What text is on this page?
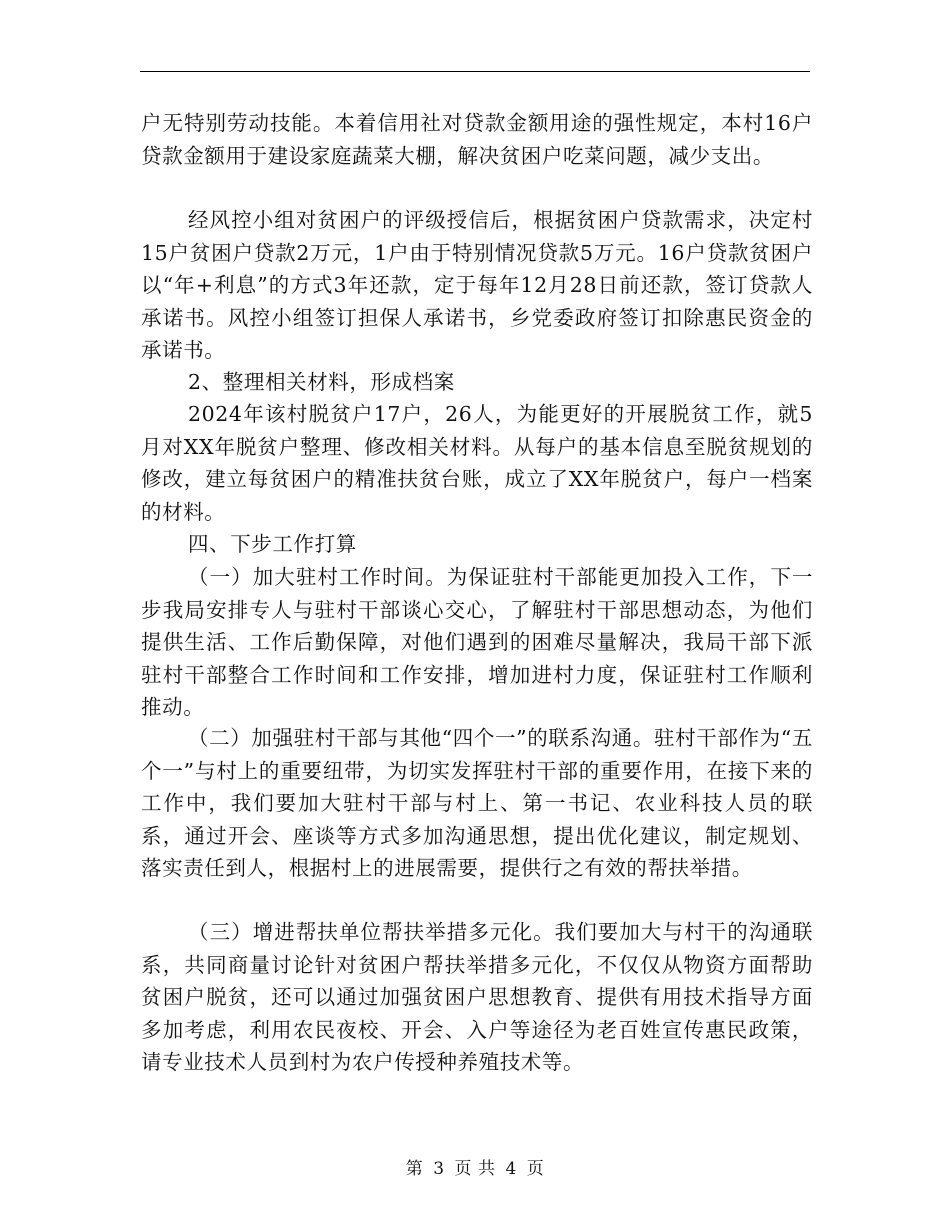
户无特别劳动技能。本着信用社对贷款金额用途的强性规定，本村16户贷款金额用于建设家庭蔬菜大棚，解决贫困户吃菜问题，减少支出。

经风控小组对贫困户的评级授信后，根据贫困户贷款需求，决定村15户贫困户贷款2万元，1户由于特别情况贷款5万元。16户贷款贫困户以“年+利息”的方式3年还款，定于每年12月28日前还款，签订贷款人承诺书。风控小组签订担保人承诺书，乡党委政府签订扣除惠民资金的承诺书。

2、整理相关材料，形成档案

2024年该村脱贫户17户，26人，为能更好的开展脱贫工作，就5月对XX年脱贫户整理、修改相关材料。从每户的基本信息至脱贫规划的修改，建立每贫困户的精准扶贫台账，成立了XX年脱贫户，每户一档案的材料。

四、下步工作打算

（一）加大驻村工作时间。为保证驻村干部能更加投入工作，下一步我局安排专人与驻村干部谈心交心，了解驻村干部思想动态，为他们提供生活、工作后勤保障，对他们遇到的困难尽量解决，我局干部下派驻村干部整合工作时间和工作安排，增加进村力度，保证驻村工作顺利推动。

（二）加强驻村干部与其他“四个一”的联系沟通。驻村干部作为“五个一”与村上的重要纽带，为切实发挥驻村干部的重要作用，在接下来的工作中，我们要加大驻村干部与村上、第一书记、农业科技人员的联系，通过开会、座谈等方式多加沟通思想，提出优化建议，制定规划、落实责任到人，根据村上的进展需要，提供行之有效的帮扶举措。

（三）增进帮扶单位帮扶举措多元化。我们要加大与村干的沟通联系，共同商量讨论针对贫困户帮扶举措多元化，不仅仅从物资方面帮助贫困户脱贫，还可以通过加强贫困户思想教育、提供有用技术指导方面多加考虑，利用农民夜校、开会、入户等途径为老百姓宣传惠民政策，请专业技术人员到村为农户传授种养殖技术等。

第 3 页 共 4 页
